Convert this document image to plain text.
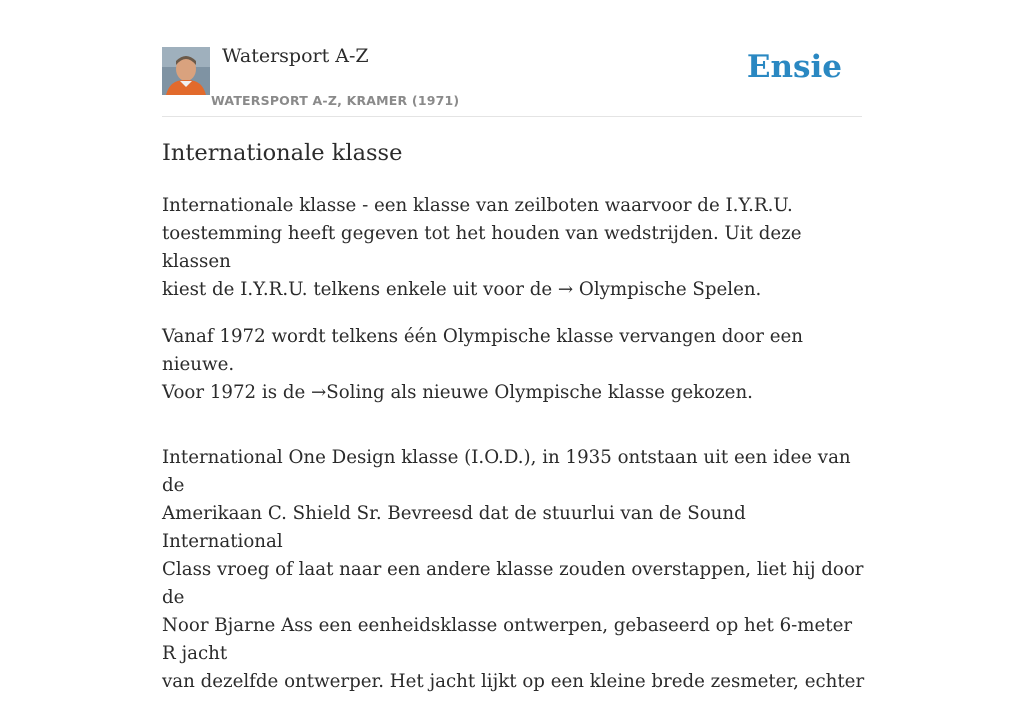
Watersport A-Z
WATERSPORT A-Z, KRAMER (1971)
Ensie
Internationale klasse

Internationale klasse - een klasse van zeilboten waarvoor de I.Y.R.U.
toestemming heeft gegeven tot het houden van wedstrijden. Uit deze klassen
kiest de I.Y.R.U. telkens enkele uit voor de → Olympische Spelen.

Vanaf 1972 wordt telkens één Olympische klasse vervangen door een nieuwe.
Voor 1972 is de →Soling als nieuwe Olympische klasse gekozen.

International One Design klasse (I.O.D.), in 1935 ontstaan uit een idee van de
Amerikaan C. Shield Sr. Bevreesd dat de stuurlui van de Sound International
Class vroeg of laat naar een andere klasse zouden overstappen, liet hij door de
Noor Bjarne Ass een eenheidsklasse ontwerpen, gebaseerd op het 6-meter R jacht
van dezelfde ontwerper. Het jacht lijkt op een kleine brede zesmeter, echter
